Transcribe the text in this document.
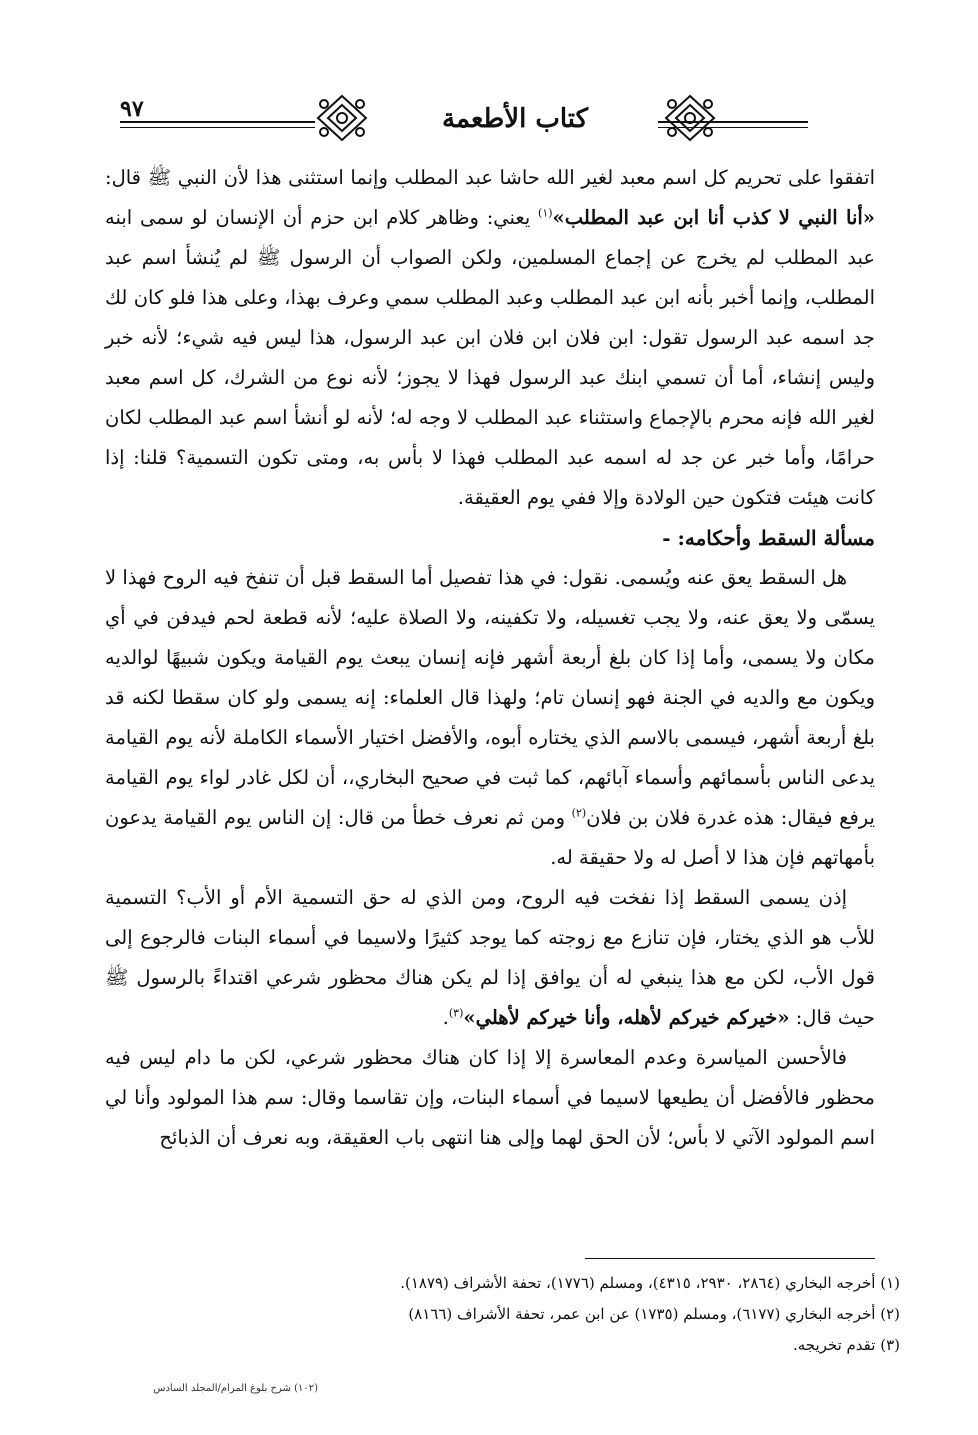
٩٧	كتاب الأطعمة

اتفقوا على تحريم كل اسم معبد لغير الله حاشا عبد المطلب وإنما استثنى هذا لأن النبي ﷺ قال: «أنا النبي لا كذب أنا ابن عبد المطلب»$^{(١)}$ يعني: وظاهر كلام ابن حزم أن الإنسان لو سمى ابنه عبد المطلب لم يخرج عن إجماع المسلمين، ولكن الصواب أن الرسول ﷺ لم يُنشأ اسم عبد المطلب، وإنما أخبر بأنه ابن عبد المطلب وعبد المطلب سمي وعرف بهذا، وعلى هذا فلو كان لك جد اسمه عبد الرسول تقول: ابن فلان ابن فلان ابن عبد الرسول، هذا ليس فيه شيء؛ لأنه خبر وليس إنشاء، أما أن تسمي ابنك عبد الرسول فهذا لا يجوز؛ لأنه نوع من الشرك، كل اسم معبد لغير الله فإنه محرم بالإجماع واستثناء عبد المطلب لا وجه له؛ لأنه لو أنشأ اسم عبد المطلب لكان حرامًا، وأما خبر عن جد له اسمه عبد المطلب فهذا لا بأس به، ومتى تكون التسمية؟ قلنا: إذا كانت هيئت فتكون حين الولادة وإلا ففي يوم العقيقة.

مسألة السقط وأحكامه: -

هل السقط يعق عنه ويُسمى. نقول: في هذا تفصيل أما السقط قبل أن تنفخ فيه الروح فهذا لا يسمّى ولا يعق عنه، ولا يجب تغسيله، ولا تكفينه، ولا الصلاة عليه؛ لأنه قطعة لحم فيدفن في أي مكان ولا يسمى، وأما إذا كان بلغ أربعة أشهر فإنه إنسان يبعث يوم القيامة ويكون شبيهًا لوالديه ويكون مع والديه في الجنة فهو إنسان تام؛ ولهذا قال العلماء: إنه يسمى ولو كان سقطا لكنه قد بلغ أربعة أشهر، فيسمى بالاسم الذي يختاره أبوه، والأفضل اختيار الأسماء الكاملة لأنه يوم القيامة يدعى الناس بأسمائهم وأسماء آبائهم، كما ثبت في صحيح البخاري،، أن لكل غادر لواء يوم القيامة يرفع فيقال: هذه غدرة فلان بن فلان$^{(٢)}$ ومن ثم نعرف خطأ من قال: إن الناس يوم القيامة يدعون بأمهاتهم فإن هذا لا أصل له ولا حقيقة له.

إذن يسمى السقط إذا نفخت فيه الروح، ومن الذي له حق التسمية الأم أو الأب؟ التسمية للأب هو الذي يختار، فإن تنازع مع زوجته كما يوجد كثيرًا ولاسيما في أسماء البنات فالرجوع إلى قول الأب، لكن مع هذا ينبغي له أن يوافق إذا لم يكن هناك محظور شرعي اقتداءً بالرسول ﷺ حيث قال: «خيركم خيركم لأهله، وأنا خيركم لأهلي»$^{(٣)}$.

فالأحسن المياسرة وعدم المعاسرة إلا إذا كان هناك محظور شرعي، لكن ما دام ليس فيه محظور فالأفضل أن يطيعها لاسيما في أسماء البنات، وإن تقاسما وقال: سم هذا المولود وأنا لي اسم المولود الآتي لا بأس؛ لأن الحق لهما وإلى هنا انتهى باب العقيقة، وبه نعرف أن الذبائح

(١) أخرجه البخاري (٢٨٦٤، ٢٩٣٠، ٤٣١٥)، ومسلم (١٧٧٦)، تحفة الأشراف (١٨٧٩).
(٢) أخرجه البخاري (٦١٧٧)، ومسلم (١٧٣٥) عن ابن عمر، تحفة الأشراف (٨١٦٦)
(٣) تقدم تخريجه.
(١٠٢) شرح بلوغ المرام/المجلد السادس
